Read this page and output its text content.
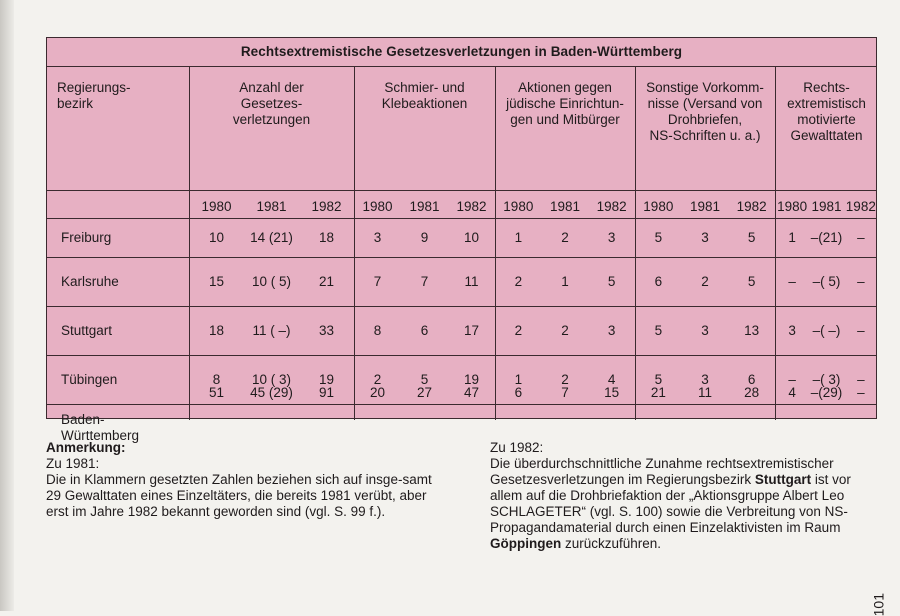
Rechtsextremistische Gesetzesverletzungen in Baden-Württemberg
Regierungs-
bezirk
Anzahl der
Gesetzes-
verletzungen
Schmier- und
Klebeaktionen
Aktionen gegen
jüdische Einrichtun-
gen und Mitbürger
Sonstige Vorkomm-
nisse (Versand von
Drohbriefen,
NS-Schriften u. a.)
Rechts-
extremistisch
motivierte
Gewalttaten
1980	1981	1982	1980	1981	1982	1980	1981	1982	1980	1981	1982 1980 1981 1982
Freiburg	10	14 (21)	18	3	9	10	1	2	3	5	3	5	1	–(21)	–
Karlsruhe	15	10 ( 5)	21	7	7	11	2	1	5	6	2	5	–	–( 5)	–
Stuttgart	18	11 ( –)	33	8	6	17	2	2	3	5	3	13	3	–( –)	–
Tübingen	8	10 ( 3)	19	2	5	19	1	2	4	5	3	6	–	–( 3)	–
Baden-
Württemberg
51	45 (29)	91	20	27	47	6	7	15	21	11	28	4	–(29)	–
Anmerkung:
Zu 1981:
Die in Klammern gesetzten Zahlen beziehen sich auf insge-samt 29 Gewalttaten eines Einzeltäters, die bereits 1981 verübt, aber erst im Jahre 1982 bekannt geworden sind (vgl. S. 99 f.).
Zu 1982:
Die überdurchschnittliche Zunahme rechtsextremistischer Gesetzesverletzungen im Regierungsbezirk Stuttgart ist vor allem auf die Drohbriefaktion der „Aktionsgruppe Albert Leo SCHLAGETER“ (vgl. S. 100) sowie die Verbreitung von NS-Propagandamaterial durch einen Einzelaktivisten im Raum Göppingen zurückzuführen.
101
